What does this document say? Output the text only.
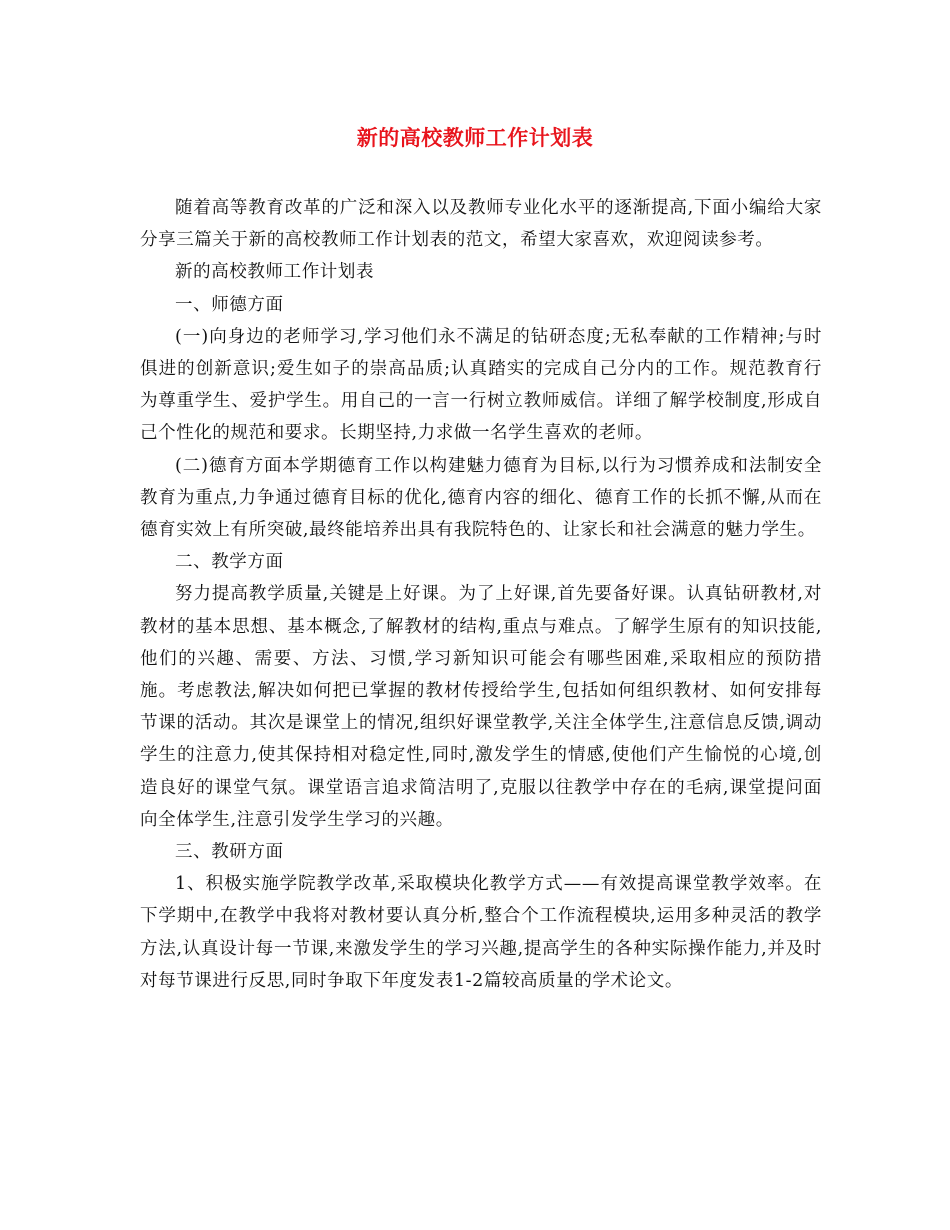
新的高校教师工作计划表

随着高等教育改革的广泛和深入以及教师专业化水平的逐渐提高,下面小编给大家分享三篇关于新的高校教师工作计划表的范文，希望大家喜欢，欢迎阅读参考。

新的高校教师工作计划表

一、师德方面

(一)向身边的老师学习,学习他们永不满足的钻研态度;无私奉献的工作精神;与时俱进的创新意识;爱生如子的崇高品质;认真踏实的完成自己分内的工作。规范教育行为尊重学生、爱护学生。用自己的一言一行树立教师威信。详细了解学校制度,形成自己个性化的规范和要求。长期坚持,力求做一名学生喜欢的老师。

(二)德育方面本学期德育工作以构建魅力德育为目标,以行为习惯养成和法制安全教育为重点,力争通过德育目标的优化,德育内容的细化、德育工作的长抓不懈,从而在德育实效上有所突破,最终能培养出具有我院特色的、让家长和社会满意的魅力学生。

二、教学方面

努力提高教学质量,关键是上好课。为了上好课,首先要备好课。认真钻研教材,对教材的基本思想、基本概念,了解教材的结构,重点与难点。了解学生原有的知识技能,他们的兴趣、需要、方法、习惯,学习新知识可能会有哪些困难,采取相应的预防措施。考虑教法,解决如何把已掌握的教材传授给学生,包括如何组织教材、如何安排每节课的活动。其次是课堂上的情况,组织好课堂教学,关注全体学生,注意信息反馈,调动学生的注意力,使其保持相对稳定性,同时,激发学生的情感,使他们产生愉悦的心境,创造良好的课堂气氛。课堂语言追求简洁明了,克服以往教学中存在的毛病,课堂提问面向全体学生,注意引发学生学习的兴趣。

三、教研方面

1、积极实施学院教学改革,采取模块化教学方式——有效提高课堂教学效率。在下学期中,在教学中我将对教材要认真分析,整合个工作流程模块,运用多种灵活的教学方法,认真设计每一节课,来激发学生的学习兴趣,提高学生的各种实际操作能力,并及时对每节课进行反思,同时争取下年度发表1-2篇较高质量的学术论文。
